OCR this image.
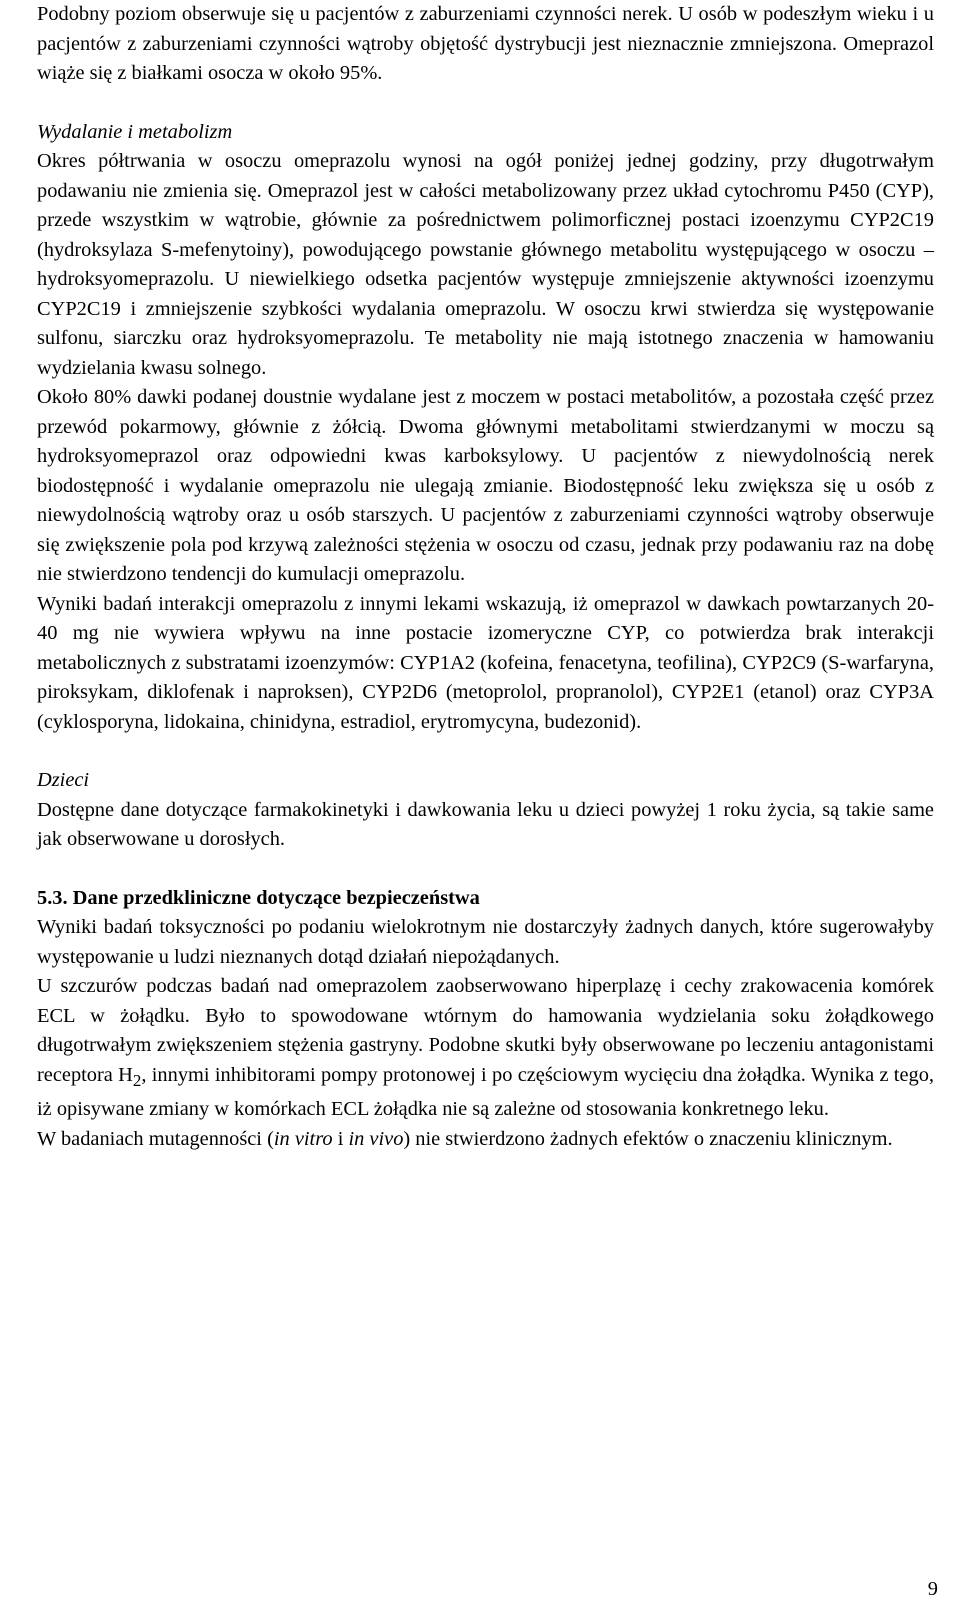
Podobny poziom obserwuje się u pacjentów z zaburzeniami czynności nerek. U osób w podeszłym wieku i u pacjentów z zaburzeniami czynności wątroby objętość dystrybucji jest nieznacznie zmniejszona. Omeprazol wiąże się z białkami osocza w około 95%.

Wydalanie i metabolizm

Okres półtrwania w osoczu omeprazolu wynosi na ogół poniżej jednej godziny, przy długotrwałym podawaniu nie zmienia się. Omeprazol jest w całości metabolizowany przez układ cytochromu P450 (CYP), przede wszystkim w wątrobie, głównie za pośrednictwem polimorficznej postaci izoenzymu CYP2C19 (hydroksylaza S-mefenytoiny), powodującego powstanie głównego metabolitu występującego w osoczu – hydroksyomeprazolu. U niewielkiego odsetka pacjentów występuje zmniejszenie aktywności izoenzymu CYP2C19 i zmniejszenie szybkości wydalania omeprazolu. W osoczu krwi stwierdza się występowanie sulfonu, siarczku oraz hydroksyomeprazolu. Te metabolity nie mają istotnego znaczenia w hamowaniu wydzielania kwasu solnego.

Około 80% dawki podanej doustnie wydalane jest z moczem w postaci metabolitów, a pozostała część przez przewód pokarmowy, głównie z żółcią. Dwoma głównymi metabolitami stwierdzanymi w moczu są hydroksyomeprazol oraz odpowiedni kwas karboksylowy. U pacjentów z niewydolnością nerek biodostępność i wydalanie omeprazolu nie ulegają zmianie. Biodostępność leku zwiększa się u osób z niewydolnością wątroby oraz u osób starszych. U pacjentów z zaburzeniami czynności wątroby obserwuje się zwiększenie pola pod krzywą zależności stężenia w osoczu od czasu, jednak przy podawaniu raz na dobę nie stwierdzono tendencji do kumulacji omeprazolu.

Wyniki badań interakcji omeprazolu z innymi lekami wskazują, iż omeprazol w dawkach powtarzanych 20-40 mg nie wywiera wpływu na inne postacie izomeryczne CYP, co potwierdza brak interakcji metabolicznych z substratami izoenzymów: CYP1A2 (kofeina, fenacetyna, teofilina), CYP2C9 (S-warfaryna, piroksykam, diklofenak i naproksen), CYP2D6 (metoprolol, propranolol), CYP2E1 (etanol) oraz CYP3A (cyklosporyna, lidokaina, chinidyna, estradiol, erytromycyna, budezonid).

Dzieci

Dostępne dane dotyczące farmakokinetyki i dawkowania leku u dzieci powyżej 1 roku życia, są takie same jak obserwowane u dorosłych.

5.3. Dane przedkliniczne dotyczące bezpieczeństwa

Wyniki badań toksyczności po podaniu wielokrotnym nie dostarczyły żadnych danych, które sugerowałyby występowanie u ludzi nieznanych dotąd działań niepożądanych.

U szczurów podczas badań nad omeprazolem zaobserwowano hiperplazę i cechy zrakowacenia komórek ECL w żołądku. Było to spowodowane wtórnym do hamowania wydzielania soku żołądkowego długotrwałym zwiększeniem stężenia gastryny. Podobne skutki były obserwowane po leczeniu antagonistami receptora $H_2$, innymi inhibitorami pompy protonowej i po częściowym wycięciu dna żołądka. Wynika z tego, iż opisywane zmiany w komórkach ECL żołądka nie są zależne od stosowania konkretnego leku.

W badaniach mutagenności (in vitro i in vivo) nie stwierdzono żadnych efektów o znaczeniu klinicznym.

9
